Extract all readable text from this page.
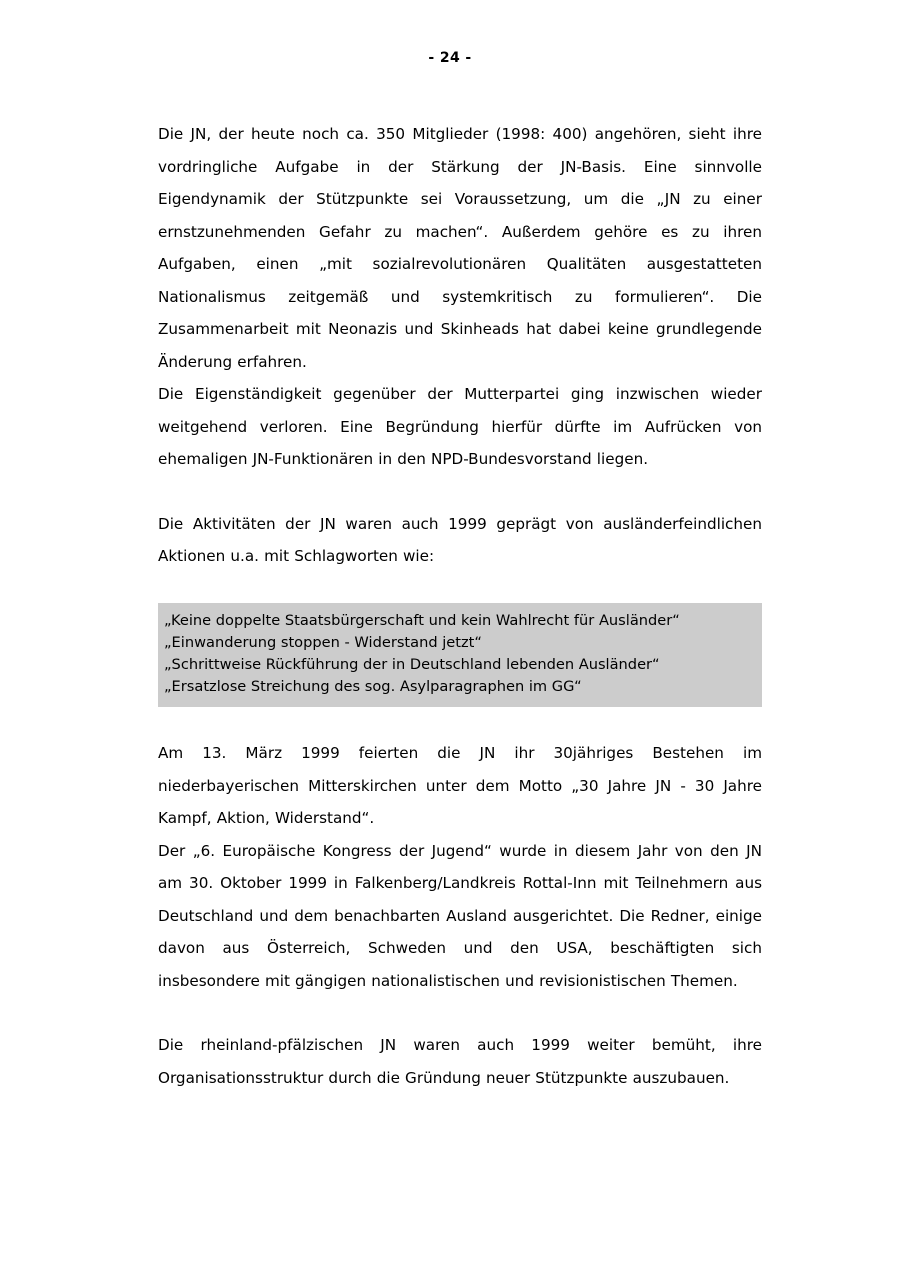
- 24 -

Die JN, der heute noch ca. 350 Mitglieder (1998: 400) angehören, sieht ihre vordringliche Aufgabe in der Stärkung der JN-Basis. Eine sinnvolle Eigendynamik der Stützpunkte sei Voraussetzung, um die „JN zu einer ernstzunehmenden Gefahr zu machen“. Außerdem gehöre es zu ihren Aufgaben, einen „mit sozialrevolutionären Qualitäten ausgestatteten Nationalismus zeitgemäß und systemkritisch zu formulieren“. Die Zusammenarbeit mit Neonazis und Skinheads hat dabei keine grundlegende Änderung erfahren.

Die Eigenständigkeit gegenüber der Mutterpartei ging inzwischen wieder weitgehend verloren. Eine Begründung hierfür dürfte im Aufrücken von ehemaligen JN-Funktionären in den NPD-Bundesvorstand liegen.

Die Aktivitäten der JN waren auch 1999 geprägt von ausländerfeindlichen Aktionen u.a. mit Schlagworten wie:

„Keine doppelte Staatsbürgerschaft und kein Wahlrecht für Ausländer“

„Einwanderung stoppen - Widerstand jetzt“

„Schrittweise Rückführung der in Deutschland lebenden Ausländer“

„Ersatzlose Streichung des sog. Asylparagraphen im GG“

Am 13. März 1999 feierten die JN ihr 30jähriges Bestehen im niederbayerischen Mitterskirchen unter dem Motto „30 Jahre JN - 30 Jahre Kampf, Aktion, Widerstand“.

Der „6. Europäische Kongress der Jugend“ wurde in diesem Jahr von den JN am 30. Oktober 1999 in Falkenberg/Landkreis Rottal-Inn mit Teilnehmern aus Deutschland und dem benachbarten Ausland ausgerichtet. Die Redner, einige davon aus Österreich, Schweden und den USA, beschäftigten sich insbesondere mit gängigen nationalistischen und revisionistischen Themen.

Die rheinland-pfälzischen JN waren auch 1999 weiter bemüht, ihre Organisationsstruktur durch die Gründung neuer Stützpunkte auszubauen.
